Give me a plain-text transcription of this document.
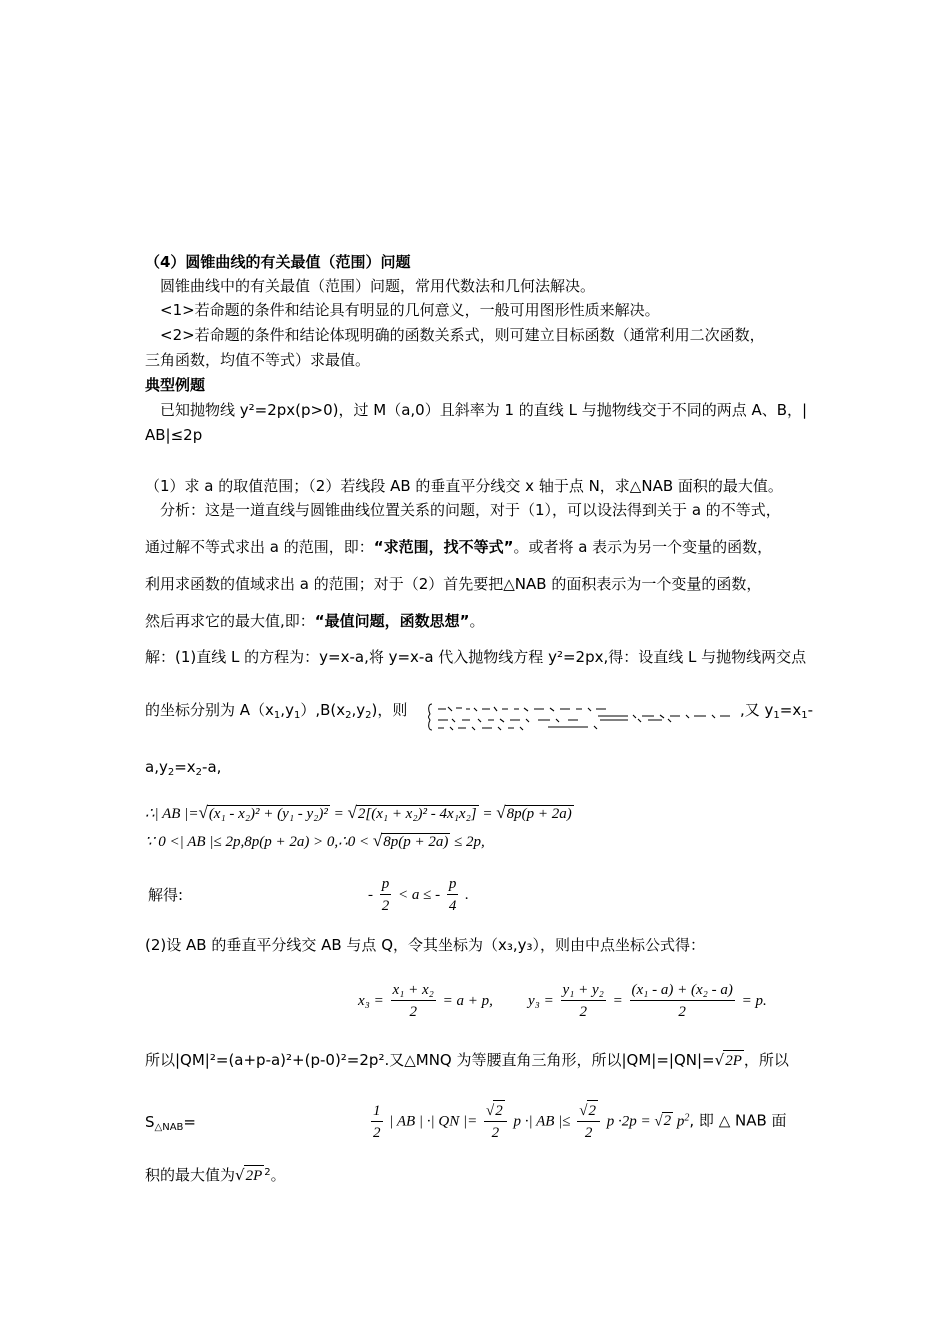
（4）圆锥曲线的有关最值（范围）问题
圆锥曲线中的有关最值（范围）问题，常用代数法和几何法解决。
<1>若命题的条件和结论具有明显的几何意义，一般可用图形性质来解决。
<2>若命题的条件和结论体现明确的函数关系式，则可建立目标函数（通常利用二次函数，
三角函数，均值不等式）求最值。
典型例题
已知抛物线 y²=2px(p>0)，过 M（a,0）且斜率为 1 的直线 L 与抛物线交于不同的两点 A、B，|
AB|≤2p
（1）求 a 的取值范围；（2）若线段 AB 的垂直平分线交 x 轴于点 N，求△NAB 面积的最大值。
分析：这是一道直线与圆锥曲线位置关系的问题，对于（1），可以设法得到关于 a 的不等式，
通过解不等式求出 a 的范围，即：“求范围，找不等式”。或者将 a 表示为另一个变量的函数，
利用求函数的值域求出 a 的范围；对于（2）首先要把△NAB 的面积表示为一个变量的函数，
然后再求它的最大值,即：“最值问题，函数思想”。
解：(1)直线 L 的方程为：y=x-a,将 y=x-a 代入抛物线方程 y²=2px,得：设直线 L 与抛物线两交点
的坐标分别为 $A(x_1,y_1),B(x_2,y_2)$，则	,又 $y_1=x_1-$
$a,y_2=x_2-a$,
∴| AB |=√(x₁ - x₂)² + (y₁ - y₂)² = √2[(x₁ + x₂)² - 4x₁x₂] = √8p(p + 2a)
∵ 0 <| AB |≤ 2p,8p(p + 2a) > 0,∴0 < √8p(p + 2a) ≤ 2p,
解得:	- $\frac{p}{2} < a$ ≤ - $\frac{p}{4}$ .
(2)设 AB 的垂直平分线交 AB 与点 Q，令其坐标为（x₃,y₃），则由中点坐标公式得：
$x_3 = \frac{\text{x₁ + x₂}}{2} = a + p$, $y_3 = \frac{\text{y₁ + y₂}}{2} = \frac{\text{(x₁ - a) + (x₂ - a)}}{2} = p$.
所以|QM|²=(a+p-a)²+(p-0)²=2p².又△MNQ 为等腰直角三角形，所以|QM|=|QN|=√2P ，所以
$S_{\triangle NAB}=$	$\frac{1}{2}$ | AB | ·| QN |= $\frac{√2}{2}$ p ·| AB |≤ $\frac{√2}{2}$ p ·2p = √2 $p^2$, 即 △ NAB 面
积的最大值为√2P $^2$。
